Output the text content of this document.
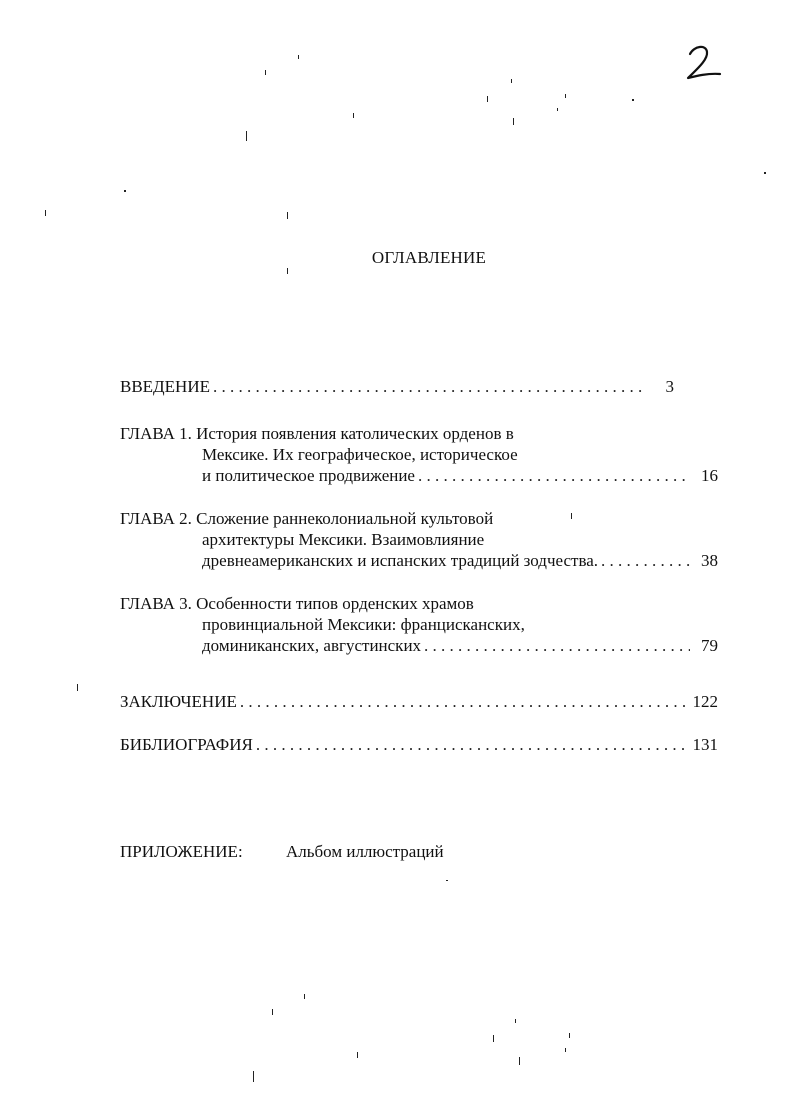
ОГЛАВЛЕНИЕ
ВВЕДЕНИЕ . . .	3
ГЛАВА 1. История появления католических орденов в
Мексике. Их географическое, историческое
и политическое продвижение . . .	16
ГЛАВА 2. Сложение раннеколониальной культовой
архитектуры Мексики. Взаимовлияние
древнеамериканских и испанских традиций зодчества. . . .	38
ГЛАВА 3. Особенности типов орденских храмов
провинциальной Мексики: францисканских,
доминиканских, августинских . . .	79
ЗАКЛЮЧЕНИЕ . . .	122
БИБЛИОГРАФИЯ . . .	131
ПРИЛОЖЕНИЕ:	Альбом иллюстраций
